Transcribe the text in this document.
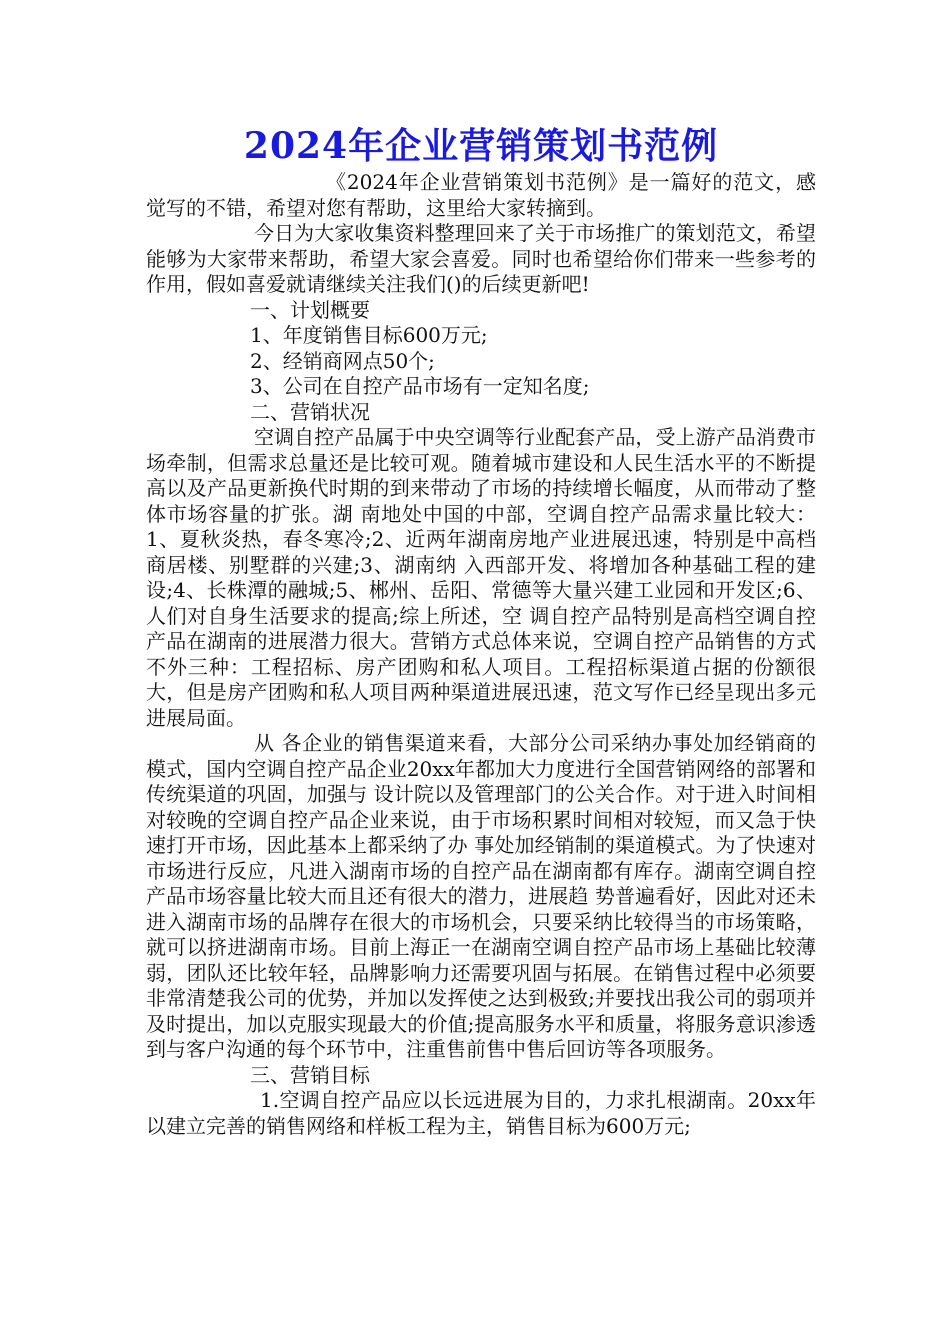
2024年企业营销策划书范例

《2024年企业营销策划书范例》是一篇好的范文，感觉写的不错，希望对您有帮助，这里给大家转摘到。

今日为大家收集资料整理回来了关于市场推广的策划范文，希望能够为大家带来帮助，希望大家会喜爱。同时也希望给你们带来一些参考的作用，假如喜爱就请继续关注我们()的后续更新吧!

一、计划概要

1、年度销售目标600万元;

2、经销商网点50个;

3、公司在自控产品市场有一定知名度;

二、营销状况

空调自控产品属于中央空调等行业配套产品，受上游产品消费市场牵制，但需求总量还是比较可观。随着城市建设和人民生活水平的不断提高以及产品更新换代时期的到来带动了市场的持续增长幅度，从而带动了整体市场容量的扩张。湖 南地处中国的中部，空调自控产品需求量比较大：1、夏秋炎热，春冬寒冷;2、近两年湖南房地产业进展迅速，特别是中高档商居楼、别墅群的兴建;3、湖南纳 入西部开发、将增加各种基础工程的建设;4、长株潭的融城;5、郴州、岳阳、常德等大量兴建工业园和开发区;6、人们对自身生活要求的提高;综上所述，空 调自控产品特别是高档空调自控产品在湖南的进展潜力很大。营销方式总体来说，空调自控产品销售的方式不外三种：工程招标、房产团购和私人项目。工程招标渠道占据的份额很大，但是房产团购和私人项目两种渠道进展迅速，范文写作已经呈现出多元进展局面。

从 各企业的销售渠道来看，大部分公司采纳办事处加经销商的模式，国内空调自控产品企业20xx年都加大力度进行全国营销网络的部署和传统渠道的巩固，加强与 设计院以及管理部门的公关合作。对于进入时间相对较晚的空调自控产品企业来说，由于市场积累时间相对较短，而又急于快速打开市场，因此基本上都采纳了办 事处加经销制的渠道模式。为了快速对市场进行反应，凡进入湖南市场的自控产品在湖南都有库存。湖南空调自控产品市场容量比较大而且还有很大的潜力，进展趋 势普遍看好，因此对还未进入湖南市场的品牌存在很大的市场机会，只要采纳比较得当的市场策略，就可以挤进湖南市场。目前上海正一在湖南空调自控产品市场上基础比较薄弱，团队还比较年轻，品牌影响力还需要巩固与拓展。在销售过程中必须要非常清楚我公司的优势，并加以发挥使之达到极致;并要找出我公司的弱项并及时提出，加以克服实现最大的价值;提高服务水平和质量，将服务意识渗透到与客户沟通的每个环节中，注重售前售中售后回访等各项服务。

三、营销目标

1.空调自控产品应以长远进展为目的，力求扎根湖南。20xx年以建立完善的销售网络和样板工程为主，销售目标为600万元;
